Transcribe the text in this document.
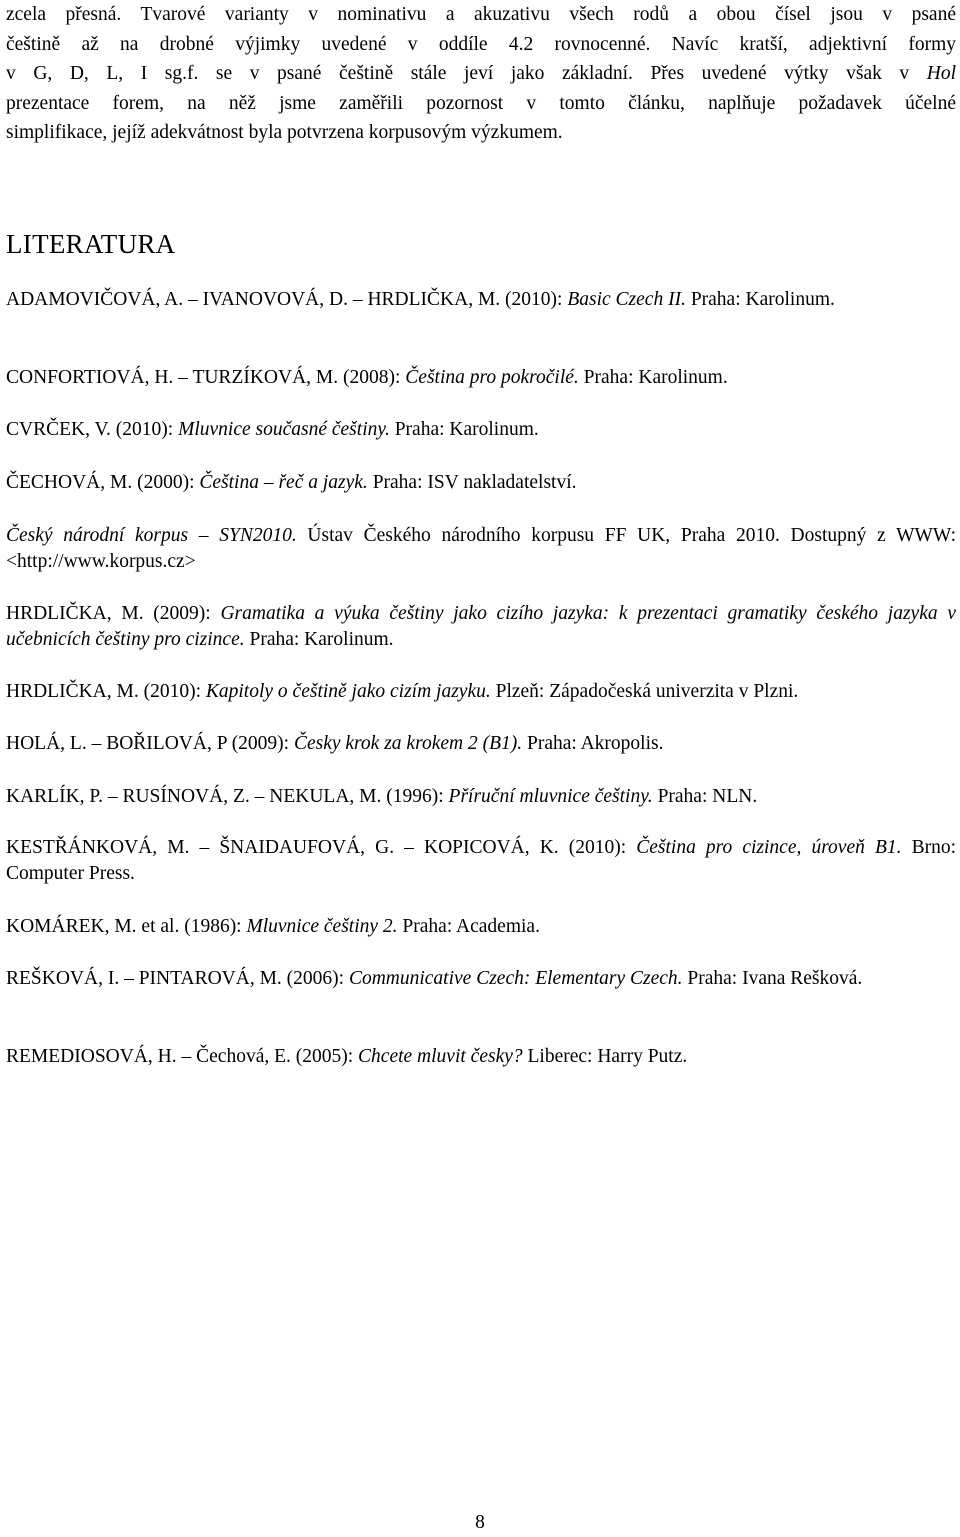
zcela přesná. Tvarové varianty v nominativu a akuzativu všech rodů a obou čísel jsou v psané

češtině až na drobné výjimky uvedené v oddíle 4.2 rovnocenné. Navíc kratší, adjektivní formy

v G, D, L, I sg.f. se v psané češtině stále jeví jako základní. Přes uvedené výtky však v Hol

prezentace forem, na něž jsme zaměřili pozornost v tomto článku, naplňuje požadavek účelné

simplifikace, jejíž adekvátnost byla potvrzena korpusovým výzkumem.

LITERATURA

ADAMOVIČOVÁ, A. – IVANOVOVÁ, D. – HRDLIČKA, M. (2010): Basic Czech II. Praha: Karolinum.

CONFORTIOVÁ, H. – TURZÍKOVÁ, M. (2008): Čeština pro pokročilé. Praha: Karolinum.

CVRČEK, V. (2010): Mluvnice současné češtiny. Praha: Karolinum.

ČECHOVÁ, M. (2000): Čeština – řeč a jazyk. Praha: ISV nakladatelství.

Český národní korpus – SYN2010. Ústav Českého národního korpusu FF UK, Praha 2010. Dostupný z WWW: <http://www.korpus.cz>

HRDLIČKA, M. (2009): Gramatika a výuka češtiny jako cizího jazyka: k prezentaci gramatiky českého jazyka v učebnicích češtiny pro cizince. Praha: Karolinum.

HRDLIČKA, M. (2010): Kapitoly o češtině jako cizím jazyku. Plzeň: Západočeská univerzita v Plzni.

HOLÁ, L. – BOŘILOVÁ, P (2009): Česky krok za krokem 2 (B1). Praha: Akropolis.

KARLÍK, P. – RUSÍNOVÁ, Z. – NEKULA, M. (1996): Příruční mluvnice češtiny. Praha: NLN.

KESTŘÁNKOVÁ, M. – ŠNAIDAUFOVÁ, G. – KOPICOVÁ, K. (2010): Čeština pro cizince, úroveň B1. Brno: Computer Press.

KOMÁREK, M. et al. (1986): Mluvnice češtiny 2. Praha: Academia.

REŠKOVÁ, I. – PINTAROVÁ, M. (2006): Communicative Czech: Elementary Czech. Praha: Ivana Rešková.

REMEDIOSOVÁ, H. – Čechová, E. (2005): Chcete mluvit česky? Liberec: Harry Putz.

8
